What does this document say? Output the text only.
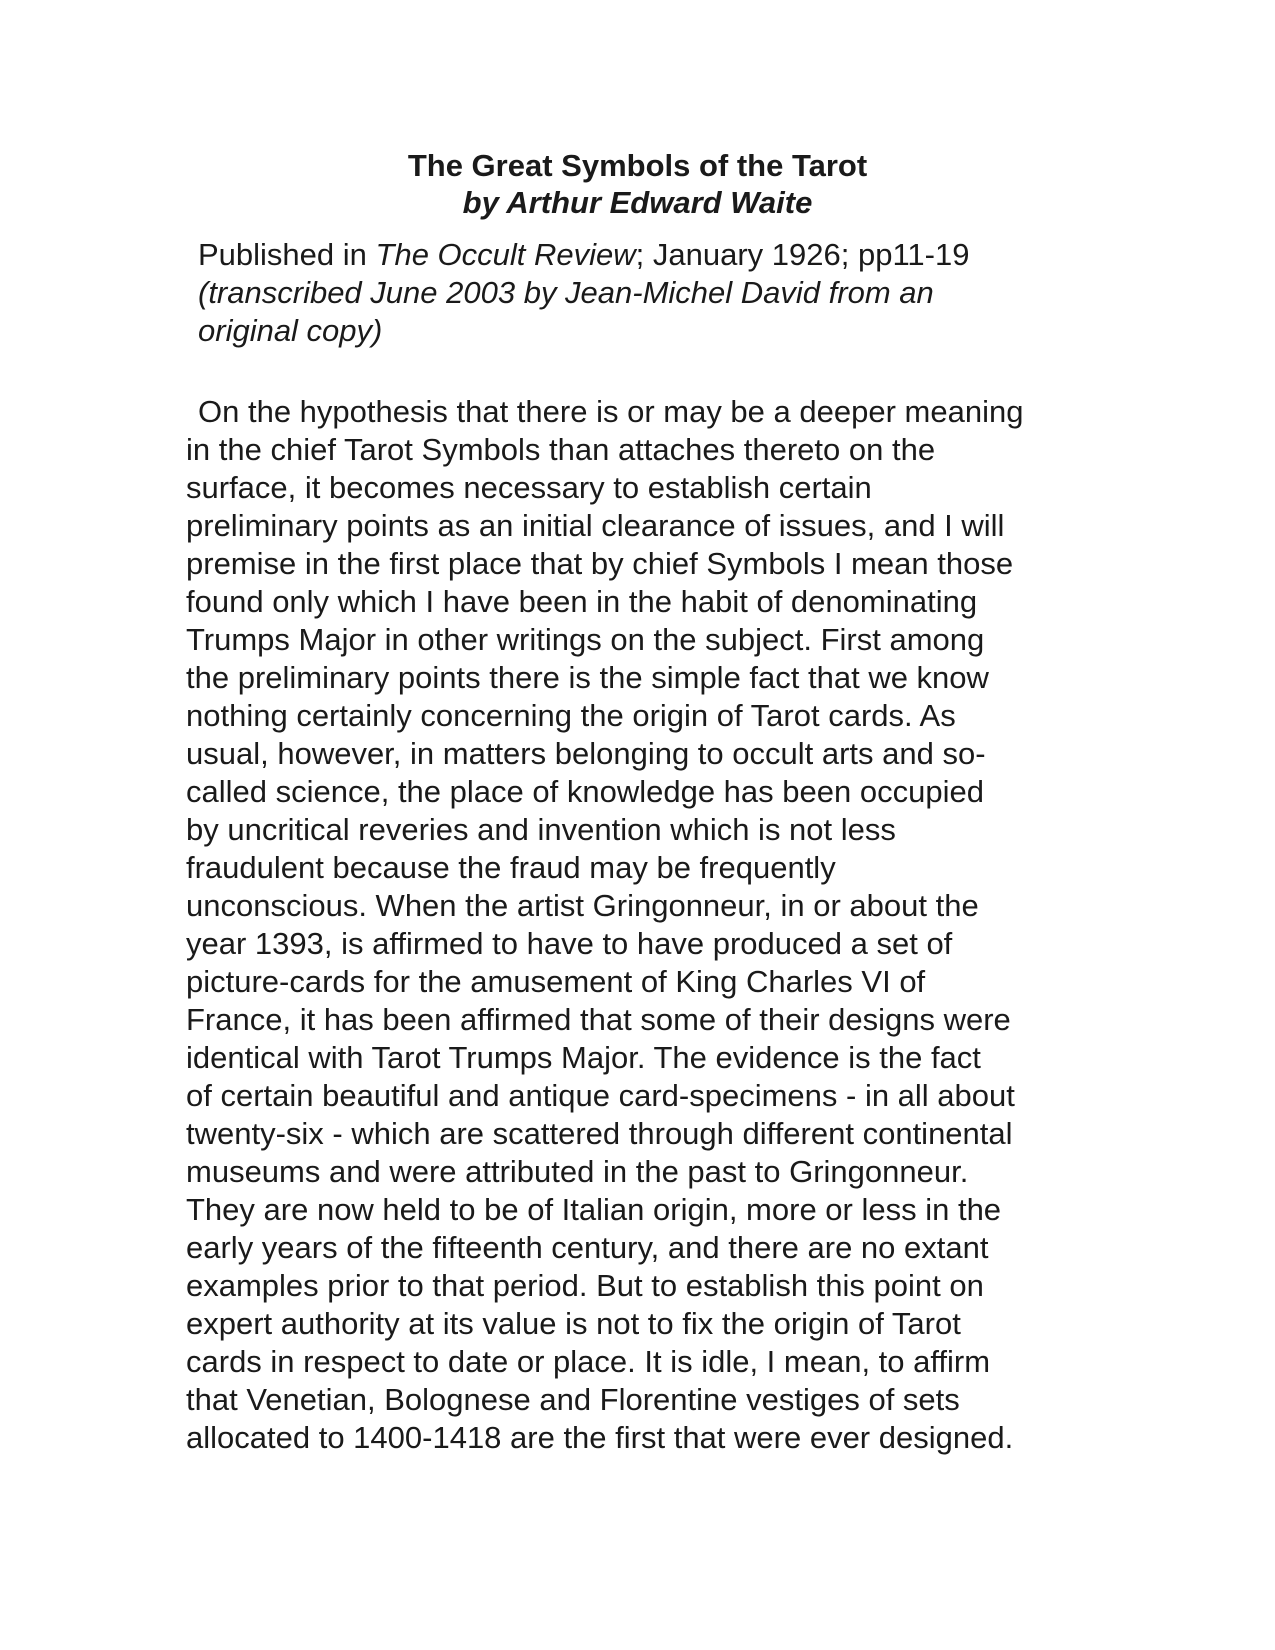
The Great Symbols of the Tarot
by Arthur Edward Waite
Published in The Occult Review; January 1926; pp11-19
(transcribed June 2003 by Jean-Michel David from an
original copy)
On the hypothesis that there is or may be a deeper meaning
in the chief Tarot Symbols than attaches thereto on the
surface, it becomes necessary to establish certain
preliminary points as an initial clearance of issues, and I will
premise in the first place that by chief Symbols I mean those
found only which I have been in the habit of denominating
Trumps Major in other writings on the subject. First among
the preliminary points there is the simple fact that we know
nothing certainly concerning the origin of Tarot cards. As
usual, however, in matters belonging to occult arts and so-
called science, the place of knowledge has been occupied
by uncritical reveries and invention which is not less
fraudulent because the fraud may be frequently
unconscious. When the artist Gringonneur, in or about the
year 1393, is affirmed to have to have produced a set of
picture-cards for the amusement of King Charles VI of
France, it has been affirmed that some of their designs were
identical with Tarot Trumps Major. The evidence is the fact
of certain beautiful and antique card-specimens - in all about
twenty-six - which are scattered through different continental
museums and were attributed in the past to Gringonneur.
They are now held to be of Italian origin, more or less in the
early years of the fifteenth century, and there are no extant
examples prior to that period. But to establish this point on
expert authority at its value is not to fix the origin of Tarot
cards in respect to date or place. It is idle, I mean, to affirm
that Venetian, Bolognese and Florentine vestiges of sets
allocated to 1400-1418 are the first that were ever designed.
